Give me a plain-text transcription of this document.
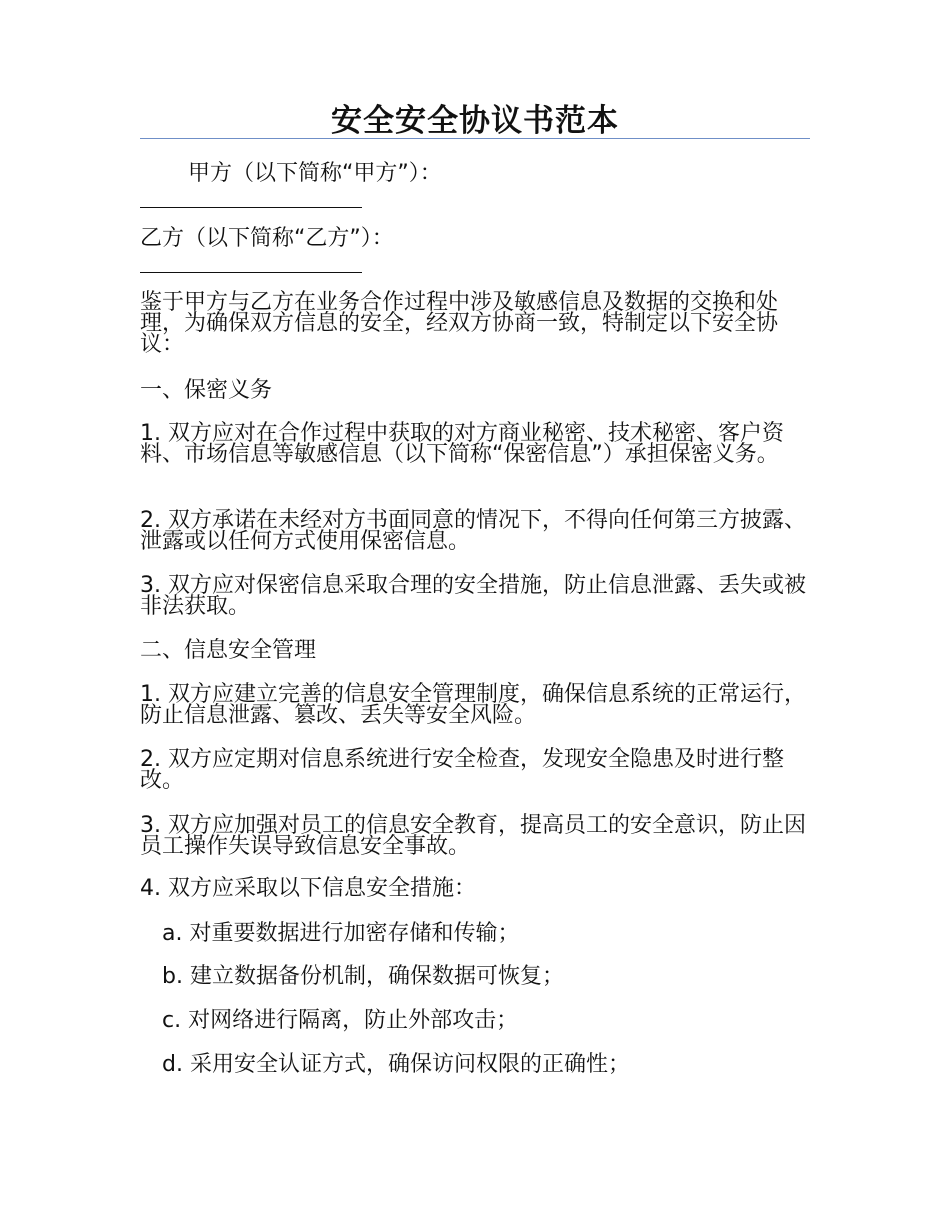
安全安全协议书范本

甲方（以下简称“甲方”）：

乙方（以下简称“乙方”）：

鉴于甲方与乙方在业务合作过程中涉及敏感信息及数据的交换和处理，为确保双方信息的安全，经双方协商一致，特制定以下安全协议：

一、保密义务

1. 双方应对在合作过程中获取的对方商业秘密、技术秘密、客户资料、市场信息等敏感信息（以下简称“保密信息”）承担保密义务。

2. 双方承诺在未经对方书面同意的情况下，不得向任何第三方披露、泄露或以任何方式使用保密信息。

3. 双方应对保密信息采取合理的安全措施，防止信息泄露、丢失或被非法获取。

二、信息安全管理

1. 双方应建立完善的信息安全管理制度，确保信息系统的正常运行，防止信息泄露、篡改、丢失等安全风险。

2. 双方应定期对信息系统进行安全检查，发现安全隐患及时进行整改。

3. 双方应加强对员工的信息安全教育，提高员工的安全意识，防止因员工操作失误导致信息安全事故。

4. 双方应采取以下信息安全措施：

a. 对重要数据进行加密存储和传输；

b. 建立数据备份机制，确保数据可恢复；

c. 对网络进行隔离，防止外部攻击；

d. 采用安全认证方式，确保访问权限的正确性；
